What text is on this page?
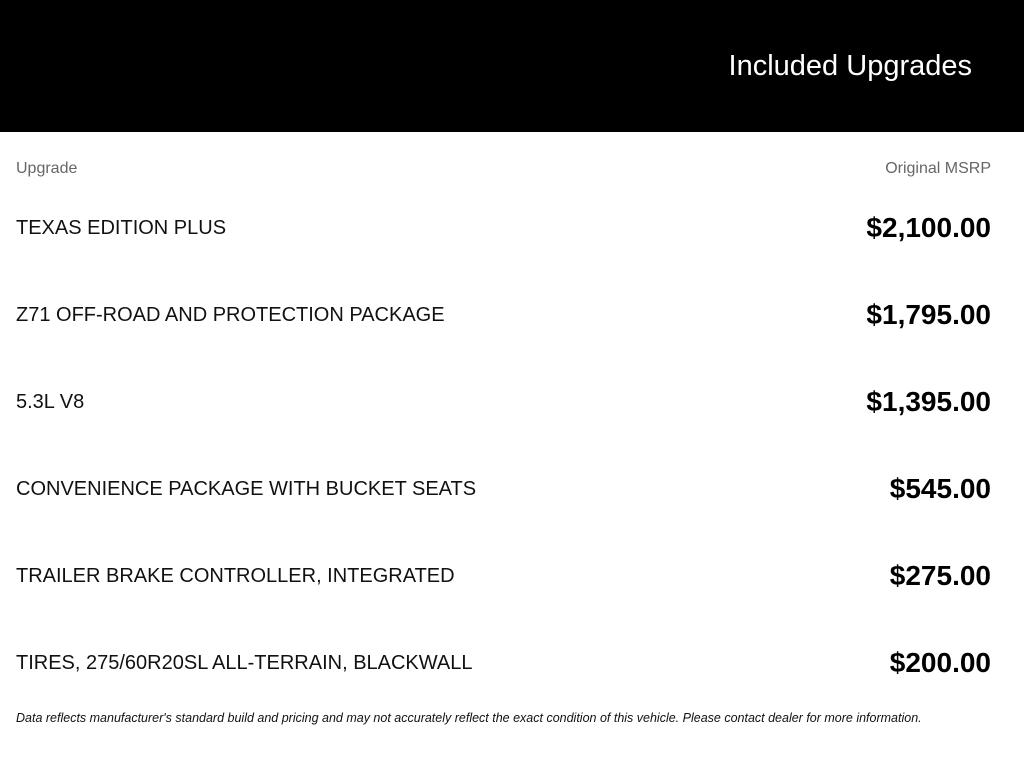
Included Upgrades
Upgrade	Original MSRP
TEXAS EDITION PLUS	$2,100.00
Z71 OFF-ROAD AND PROTECTION PACKAGE	$1,795.00
5.3L V8	$1,395.00
CONVENIENCE PACKAGE WITH BUCKET SEATS	$545.00
TRAILER BRAKE CONTROLLER, INTEGRATED	$275.00
TIRES, 275/60R20SL ALL-TERRAIN, BLACKWALL	$200.00
Data reflects manufacturer's standard build and pricing and may not accurately reflect the exact condition of this vehicle. Please contact dealer for more information.
